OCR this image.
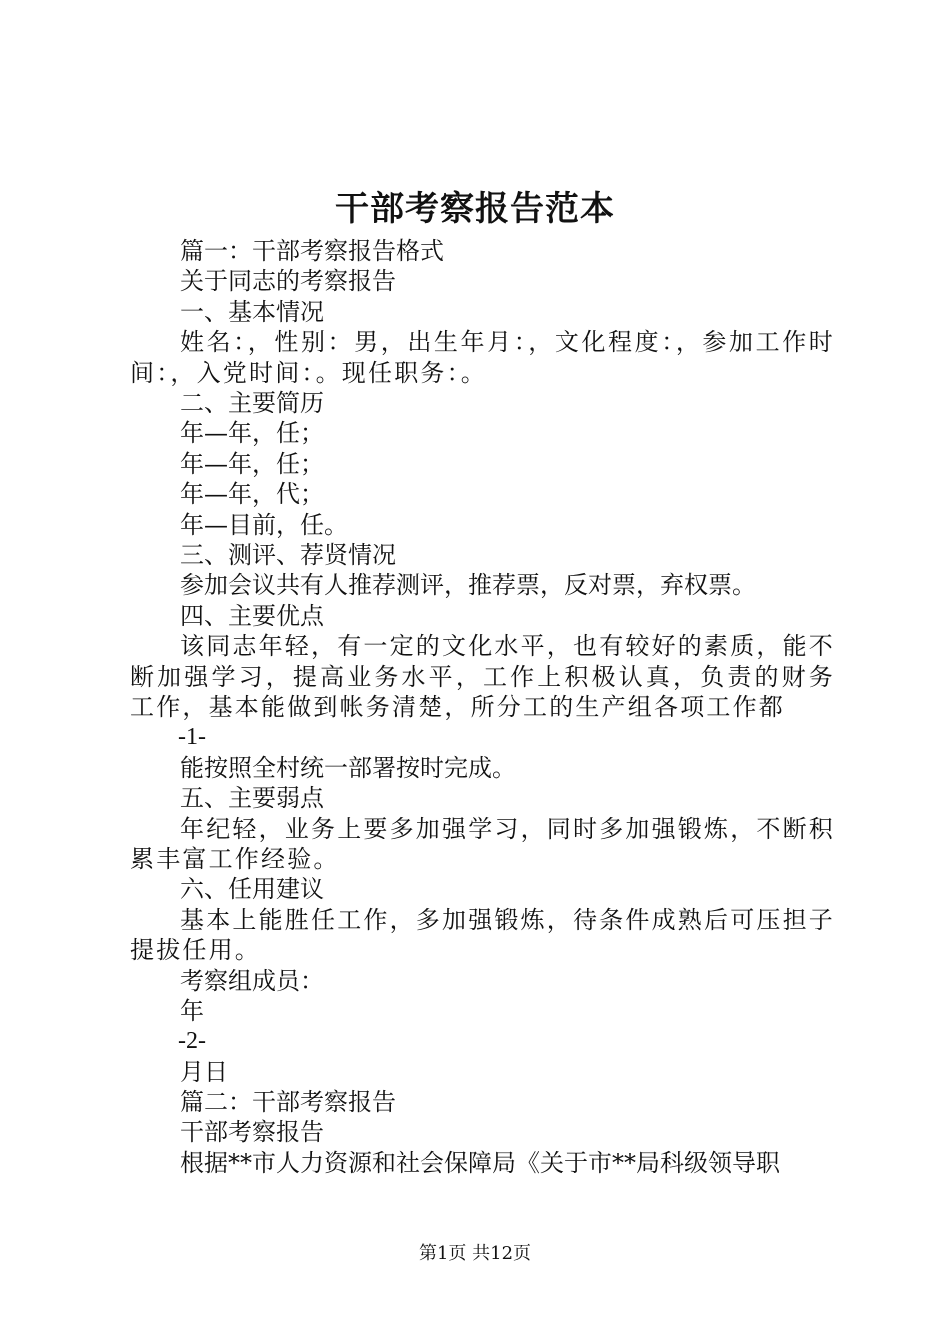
干部考察报告范本
篇一：干部考察报告格式
关于同志的考察报告
一、基本情况
姓名：，性别：男，出生年月：，文化程度：，参加工作时间：，入党时间：。现任职务：。
二、主要简历
年—年，任；
年—年，任；
年—年，代；
年—目前，任。
三、测评、荐贤情况
参加会议共有人推荐测评，推荐票，反对票，弃权票。
四、主要优点
该同志年轻，有一定的文化水平，也有较好的素质，能不断加强学习，提高业务水平，工作上积极认真，负责的财务工作，基本能做到帐务清楚，所分工的生产组各项工作都
-1-
能按照全村统一部署按时完成。
五、主要弱点
年纪轻，业务上要多加强学习，同时多加强锻炼，不断积累丰富工作经验。
六、任用建议
基本上能胜任工作，多加强锻炼，待条件成熟后可压担子提拔任用。
考察组成员：
年
-2-
月日
篇二：干部考察报告
干部考察报告
根据**市人力资源和社会保障局《关于市**局科级领导职
第1页 共12页
